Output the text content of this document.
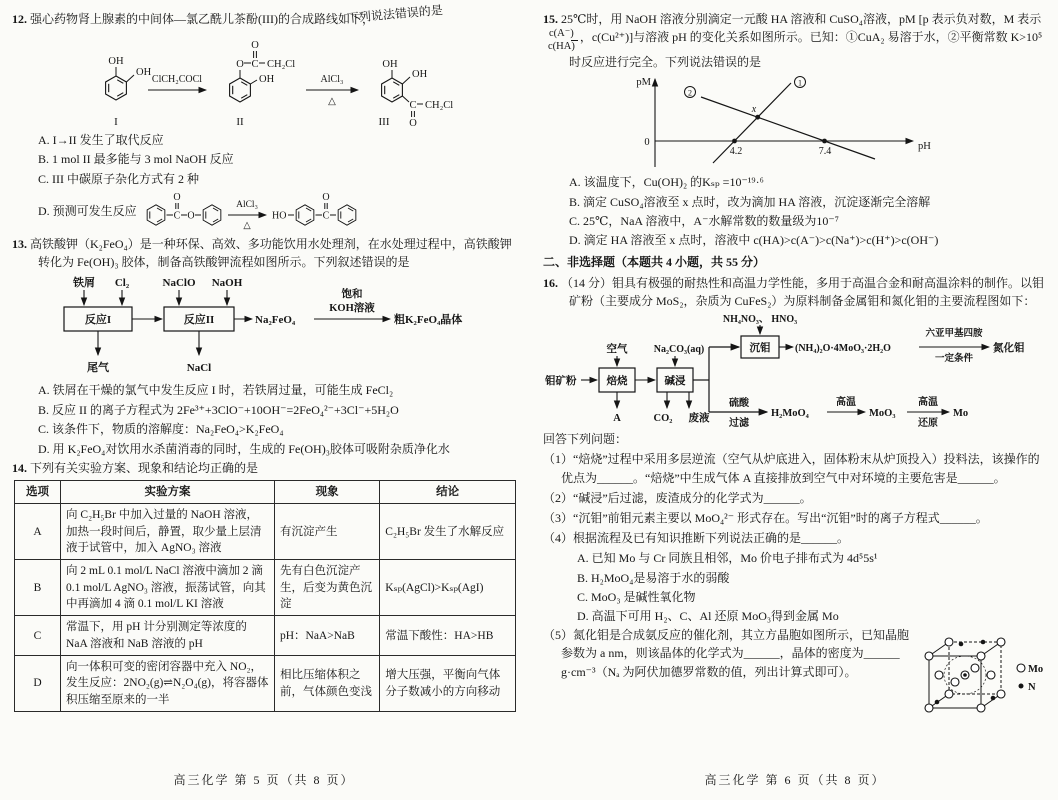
12. 强心药物肾上腺素的中间体—氯乙酰儿茶酚(III)的合成路线如下，下列说法错误的是

OH
OH
I
ClCH₂COCl
O C
O
CH₂Cl
OH
II
AlCl₃
△
OH
OH
C
O
CH₂Cl
III
A. I→II 发生了取代反应
B. 1 mol II 最多能与 3 mol NaOH 反应
C. III 中碳原子杂化方式有 2 种
D. 预测可发生反应	C
O
O
AlCl₃
△
HO	C
O

13. 高铁酸钾（K₂FeO₄）是一种环保、高效、多功能饮用水处理剂，在水处理过程中，高铁酸钾转化为 Fe(OH)₃ 胶体，制备高铁酸钾流程如图所示。下列叙述错误的是

铁屑 Cl₂	NaClO NaOH
反应I	反应II	Na₂FeO₄
饱和
KOH溶液
粗K₂FeO₄晶体
尾气	NaCl
A. 铁屑在干燥的氯气中发生反应 I 时，若铁屑过量，可能生成 FeCl₂
B. 反应 II 的离子方程式为 2Fe³⁺+3ClO⁻+10OH⁻=2FeO₄²⁻+3Cl⁻+5H₂O
C. 该条件下，物质的溶解度：Na₂FeO₄>K₂FeO₄
D. 用 K₂FeO₄对饮用水杀菌消毒的同时，生成的 Fe(OH)₃胶体可吸附杂质净化水

14. 下列有关实验方案、现象和结论均正确的是

选项	实验方案	现象	结论
A	向 C₂H₅Br 中加入过量的 NaOH 溶液，加热一段时间后，静置，取少量上层清液于试管中，加入 AgNO₃ 溶液	有沉淀产生	C₂H₅Br 发生了水解反应
B	向 2 mL 0.1 mol/L NaCl 溶液中滴加 2 滴 0.1 mol/L AgNO₃ 溶液，振荡试管，向其中再滴加 4 滴 0.1 mol/L KI 溶液	先有白色沉淀产生，后变为黄色沉淀	Kₛₚ(AgCl)>Kₛₚ(AgI)
C	常温下，用 pH 计分别测定等浓度的 NaA 溶液和 NaB 溶液的 pH	pH：NaA>NaB	常温下酸性：HA>HB
D	向一体积可变的密闭容器中充入 NO₂，发生反应：2NO₂(g)⇌N₂O₄(g)，将容器体积压缩至原来的一半	相比压缩体积之前，气体颜色变浅	增大压强，平衡向气体分子数减小的方向移动
高三化学 第 5 页（共 8 页）

15. 25℃时，用 NaOH 溶液分别滴定一元酸 HA 溶液和 CuSO₄溶液，pM [p 表示负对数，M 表示
$\frac{c(A^-)}{c(HA)}$ ，c(Cu²⁺)]与溶液 pH 的变化关系如图所示。已知：①CuA₂ 易溶于水，②平衡常数 K>10⁵ 时反应进行完全。下列说法错误的是

pM
pH
0
1
2
x
4.2	7.4
A. 该温度下，Cu(OH)₂ 的Kₛₚ =10⁻¹⁹·⁶
B. 滴定 CuSO₄溶液至 x 点时，改为滴加 HA 溶液，沉淀逐渐完全溶解
C. 25℃，NaA 溶液中，A⁻水解常数的数量级为10⁻⁷
D. 滴定 HA 溶液至 x 点时，溶液中 c(HA)>c(A⁻)>c(Na⁺)>c(H⁺)>c(OH⁻)

二、非选择题（本题共 4 小题，共 55 分）

16. （14 分）钼具有极强的耐热性和高温力学性能，多用于高温合金和耐高温涂料的制作。以钼矿粉（主要成分 MoS₂，杂质为 CuFeS₂）为原料制备金属钼和氮化钼的主要流程图如下：

NH₄NO₃、 HNO₃
沉钼 (NH₄)₂O·4MoO₃·2H₂O
六亚甲基四胺
一定条件
氮化钼
钼矿粉	焙烧
空气
A
碱浸
Na₂CO₃(aq)
CO₂ 废液
硫酸
过滤
H₂MoO₄
高温
MoO₃
高温
还原
Mo

回答下列问题：

（1）“焙烧”过程中采用多层逆流（空气从炉底进入，固体粉末从炉顶投入）投料法，该操作的优点为______。“焙烧”中生成气体 A 直接排放到空气中对环境的主要危害是______。

（2）“碱浸”后过滤，废渣成分的化学式为______。

（3）“沉钼”前钼元素主要以 MoO₄²⁻ 形式存在。写出“沉钼”时的离子方程式______。

（4）根据流程及已有知识推断下列说法正确的是______。

A. 已知 Mo 与 Cr 同族且相邻，Mo 价电子排布式为 4d⁵5s¹
B. H₂MoO₄是易溶于水的弱酸
C. MoO₃ 是碱性氧化物
D. 高温下可用 H₂、C、Al 还原 MoO₃得到金属 Mo

（5）氮化钼是合成氨反应的催化剂，其立方晶胞如图所示，已知晶胞参数为 a nm，则该晶体的化学式为______，晶体的密度为______ g·cm⁻³（Nₐ 为阿伏加德罗常数的值，列出计算式即可）。	Mo
N
高三化学 第 6 页（共 8 页）
